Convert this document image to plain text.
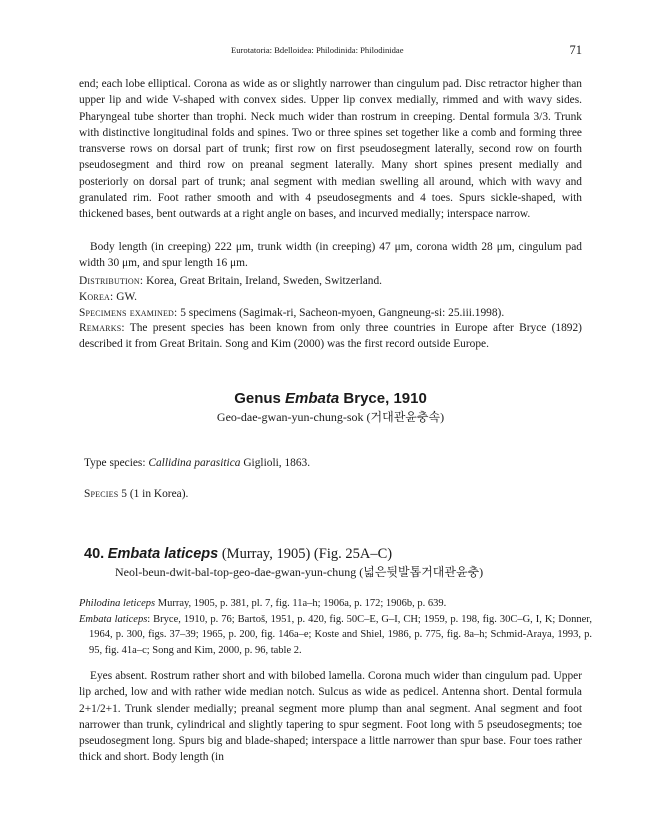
Eurotatoria: Bdelloidea: Philodinida: Philodinidae	71

end; each lobe elliptical. Corona as wide as or slightly narrower than cingulum pad. Disc retractor higher than upper lip and wide V-shaped with convex sides. Upper lip convex medially, rimmed and with wavy sides. Pharyngeal tube shorter than trophi. Neck much wider than rostrum in creeping. Dental formula 3/3. Trunk with distinctive longitudinal folds and spines. Two or three spines set together like a comb and forming three transverse rows on dorsal part of trunk; first row on first pseudosegment laterally, second row on fourth pseudosegment and third row on preanal segment laterally. Many short spines present medially and posteriorly on dorsal part of trunk; anal segment with median swelling all around, which with wavy and granulated rim. Foot rather smooth and with 4 pseudosegments and 4 toes. Spurs sickle-shaped, with thickened bases, bent outwards at a right angle on bases, and incurved medially; interspace narrow.

Body length (in creeping) 222 μm, trunk width (in creeping) 47 μm, corona width 28 μm, cingulum pad width 30 μm, and spur length 16 μm.

Distribution: Korea, Great Britain, Ireland, Sweden, Switzerland.

Korea: GW.

Specimens examined: 5 specimens (Sagimak-ri, Sacheon-myoen, Gangneung-si: 25.iii.1998).

Remarks: The present species has been known from only three countries in Europe after Bryce (1892) described it from Great Britain. Song and Kim (2000) was the first record outside Europe.

Genus Embata Bryce, 1910
Geo-dae-gwan-yun-chung-sok (거대관윤충속)

Type species: Callidina parasitica Giglioli, 1863.

Species 5 (1 in Korea).

40. Embata laticeps (Murray, 1905) (Fig. 25A–C)
Neol-beun-dwit-bal-top-geo-dae-gwan-yun-chung (넓은뒷발톱거대관윤충)

Philodina leticeps Murray, 1905, p. 381, pl. 7, fig. 11a–h; 1906a, p. 172; 1906b, p. 639.

Embata laticeps: Bryce, 1910, p. 76; Bartoš, 1951, p. 420, fig. 50C–E, G–I, CH; 1959, p. 198, fig. 30C–G, I, K; Donner, 1964, p. 300, figs. 37–39; 1965, p. 200, fig. 146a–e; Koste and Shiel, 1986, p. 775, fig. 8a–h; Schmid-Araya, 1993, p. 95, fig. 41a–c; Song and Kim, 2000, p. 96, table 2.

Eyes absent. Rostrum rather short and with bilobed lamella. Corona much wider than cingulum pad. Upper lip arched, low and with rather wide median notch. Sulcus as wide as pedicel. Antenna short. Dental formula 2+1/2+1. Trunk slender medially; preanal segment more plump than anal segment. Anal segment and foot narrower than trunk, cylindrical and slightly tapering to spur segment. Foot long with 5 pseudosegments; toe pseudosegment long. Spurs big and blade-shaped; interspace a little narrower than spur base. Four toes rather thick and short. Body length (in
